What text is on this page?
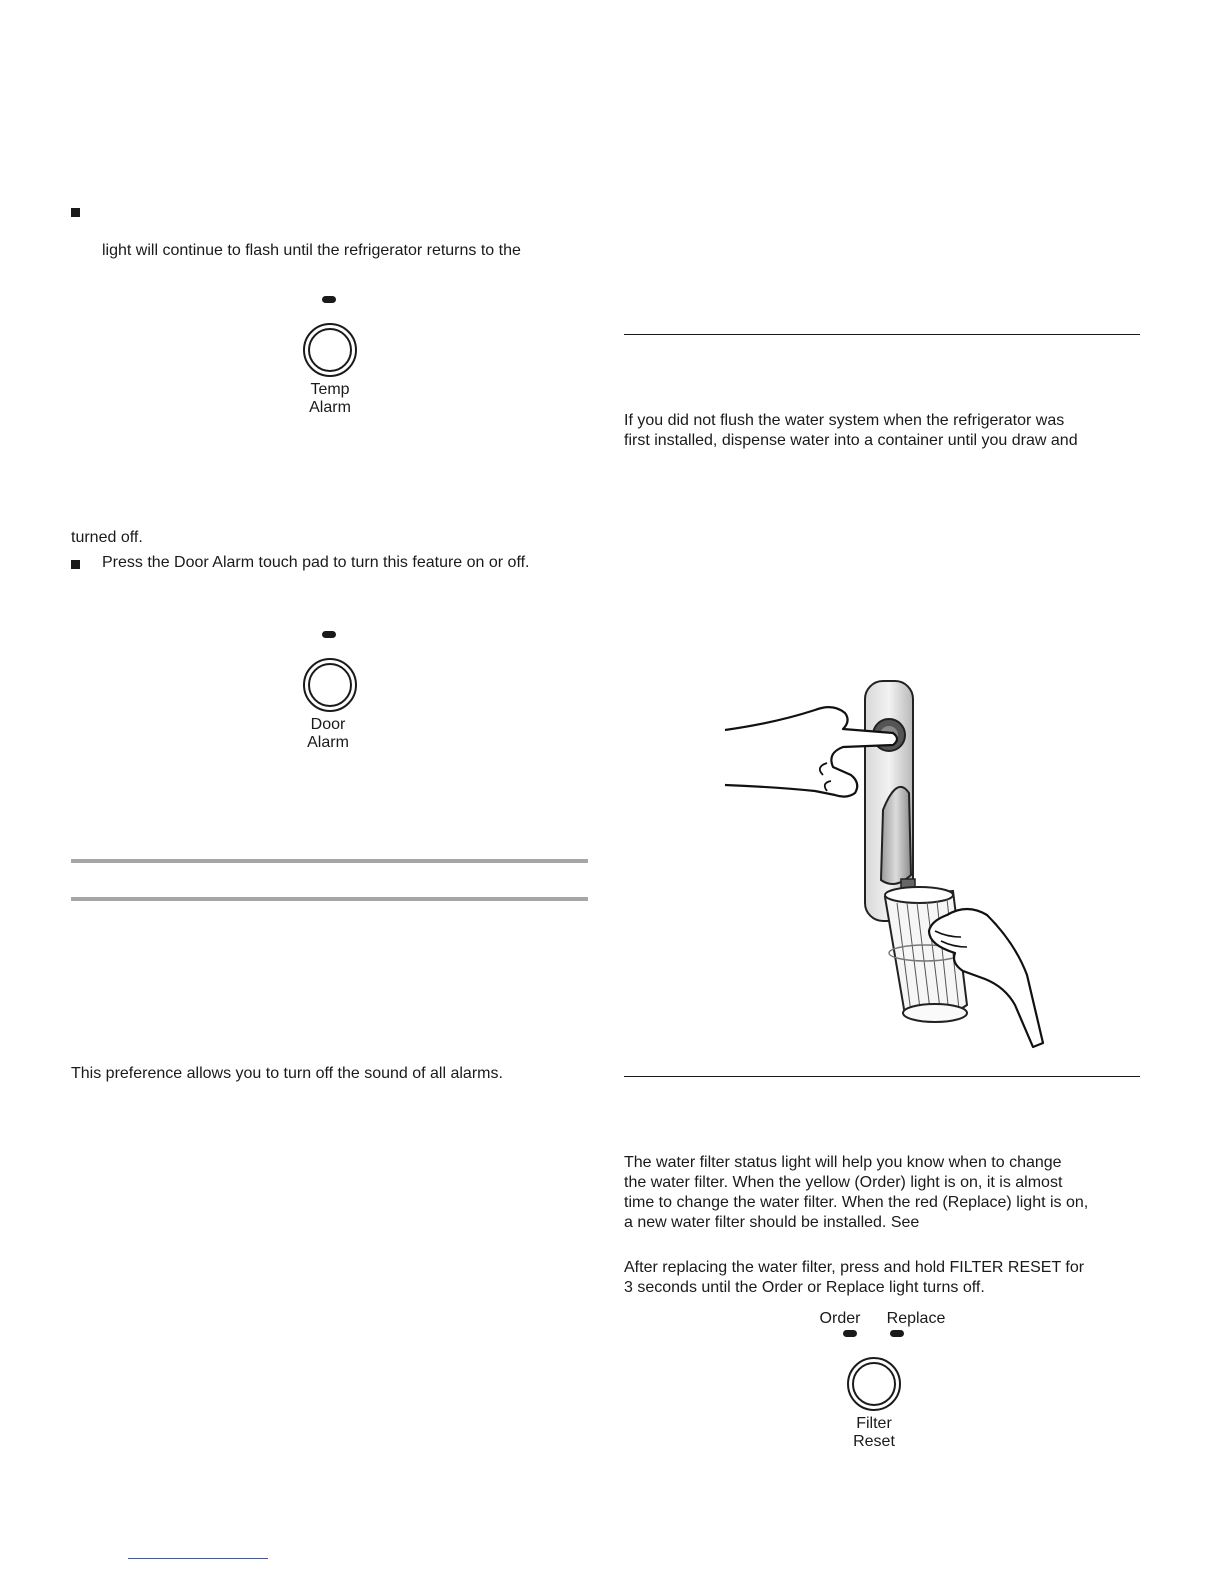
light will continue to flash until the refrigerator returns to the

Temp
Alarm

turned off.

Press the Door Alarm touch pad to turn this feature on or off.

Door
Alarm

This preference allows you to turn off the sound of all alarms.

If you did not flush the water system when the refrigerator was

first installed, dispense water into a container until you draw and

The water filter status light will help you know when to change

the water filter. When the yellow (Order) light is on, it is almost

time to change the water filter. When the red (Replace) light is on,

a new water filter should be installed. See

After replacing the water filter, press and hold FILTER RESET for

3 seconds until the Order or Replace light turns off.

Order	Replace
Filter
Reset
